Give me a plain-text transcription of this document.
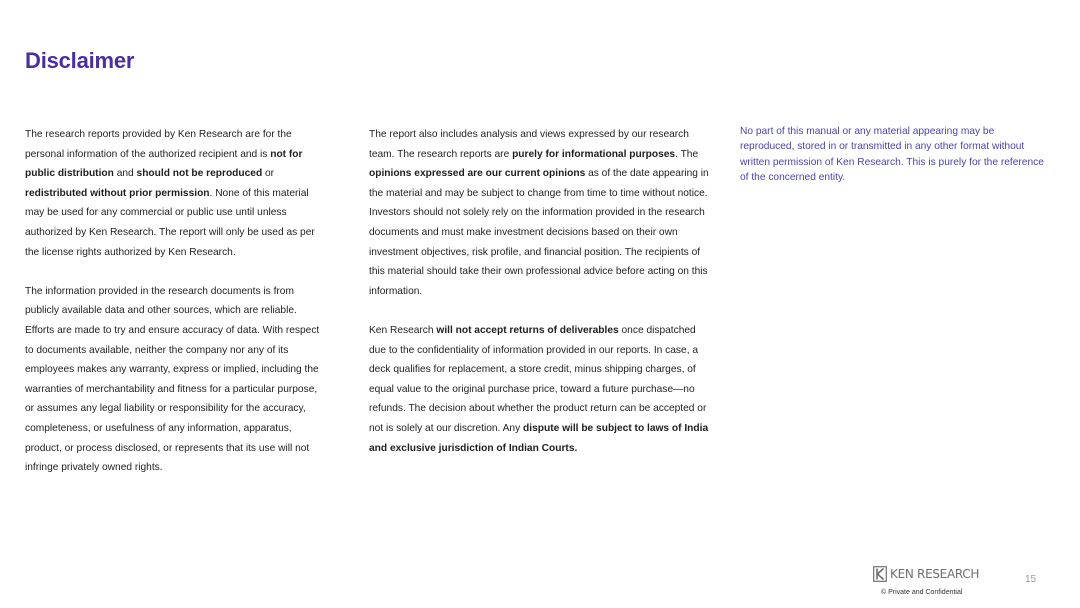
Disclaimer

The research reports provided by Ken Research are for the personal information of the authorized recipient and is not for public distribution and should not be reproduced or redistributed without prior permission. None of this material may be used for any commercial or public use until unless authorized by Ken Research. The report will only be used as per the license rights authorized by Ken Research.

The information provided in the research documents is from publicly available data and other sources, which are reliable. Efforts are made to try and ensure accuracy of data. With respect to documents available, neither the company nor any of its employees makes any warranty, express or implied, including the warranties of merchantability and fitness for a particular purpose, or assumes any legal liability or responsibility for the accuracy, completeness, or usefulness of any information, apparatus, product, or process disclosed, or represents that its use will not infringe privately owned rights.

The report also includes analysis and views expressed by our research team. The research reports are purely for informational purposes. The opinions expressed are our current opinions as of the date appearing in the material and may be subject to change from time to time without notice. Investors should not solely rely on the information provided in the research documents and must make investment decisions based on their own investment objectives, risk profile, and financial position. The recipients of this material should take their own professional advice before acting on this information.

Ken Research will not accept returns of deliverables once dispatched due to the confidentiality of information provided in our reports. In case, a deck qualifies for replacement, a store credit, minus shipping charges, of equal value to the original purchase price, toward a future purchase—no refunds. The decision about whether the product return can be accepted or not is solely at our discretion. Any dispute will be subject to laws of India and exclusive jurisdiction of Indian Courts.

No part of this manual or any material appearing may be reproduced, stored in or transmitted in any other format without written permission of Ken Research. This is purely for the reference of the concerned entity.

KEN RESEARCH	15
© Private and Confidential
